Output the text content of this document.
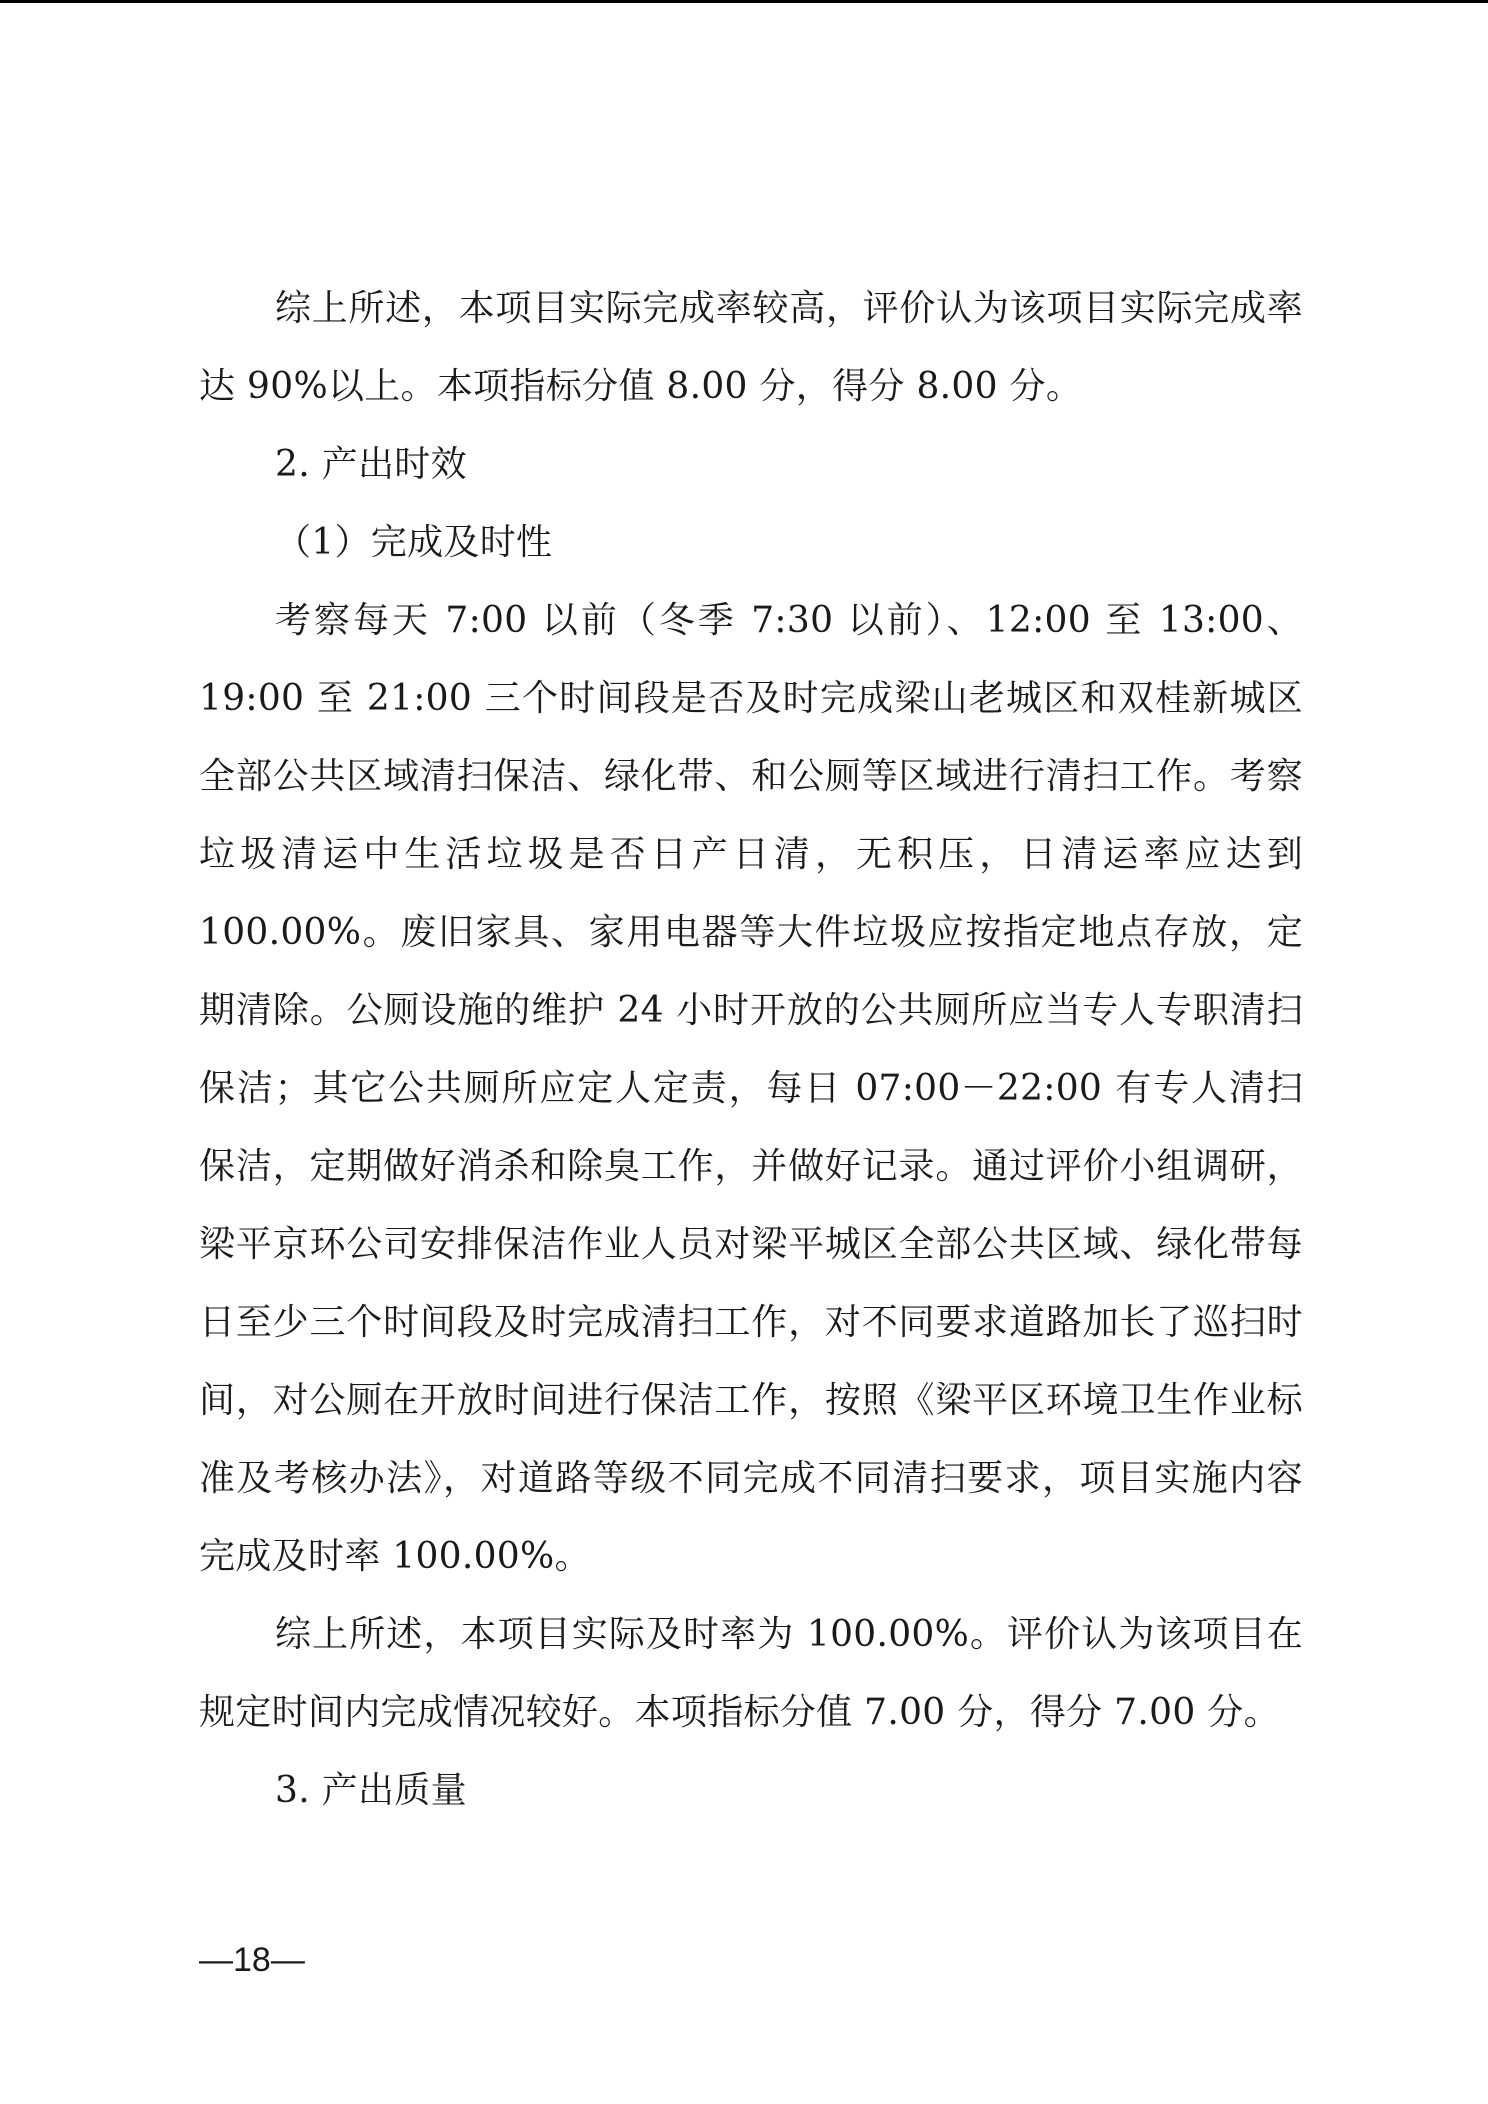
综上所述，本项目实际完成率较高，评价认为该项目实际完成率达 90%以上。本项指标分值 8.00 分，得分 8.00 分。

2. 产出时效

（1）完成及时性

考察每天 7:00 以前（冬季 7:30 以前）、12:00 至 13:00、19:00 至 21:00 三个时间段是否及时完成梁山老城区和双桂新城区全部公共区域清扫保洁、绿化带、和公厕等区域进行清扫工作。考察垃圾清运中生活垃圾是否日产日清，无积压，日清运率应达到 100.00%。废旧家具、家用电器等大件垃圾应按指定地点存放，定期清除。公厕设施的维护 24 小时开放的公共厕所应当专人专职清扫保洁；其它公共厕所应定人定责，每日 07:00－22:00 有专人清扫保洁，定期做好消杀和除臭工作，并做好记录。通过评价小组调研，梁平京环公司安排保洁作业人员对梁平城区全部公共区域、绿化带每日至少三个时间段及时完成清扫工作，对不同要求道路加长了巡扫时间，对公厕在开放时间进行保洁工作，按照《梁平区环境卫生作业标准及考核办法》，对道路等级不同完成不同清扫要求，项目实施内容完成及时率 100.00%。

综上所述，本项目实际及时率为 100.00%。评价认为该项目在规定时间内完成情况较好。本项指标分值 7.00 分，得分 7.00 分。

3. 产出质量

—18—
